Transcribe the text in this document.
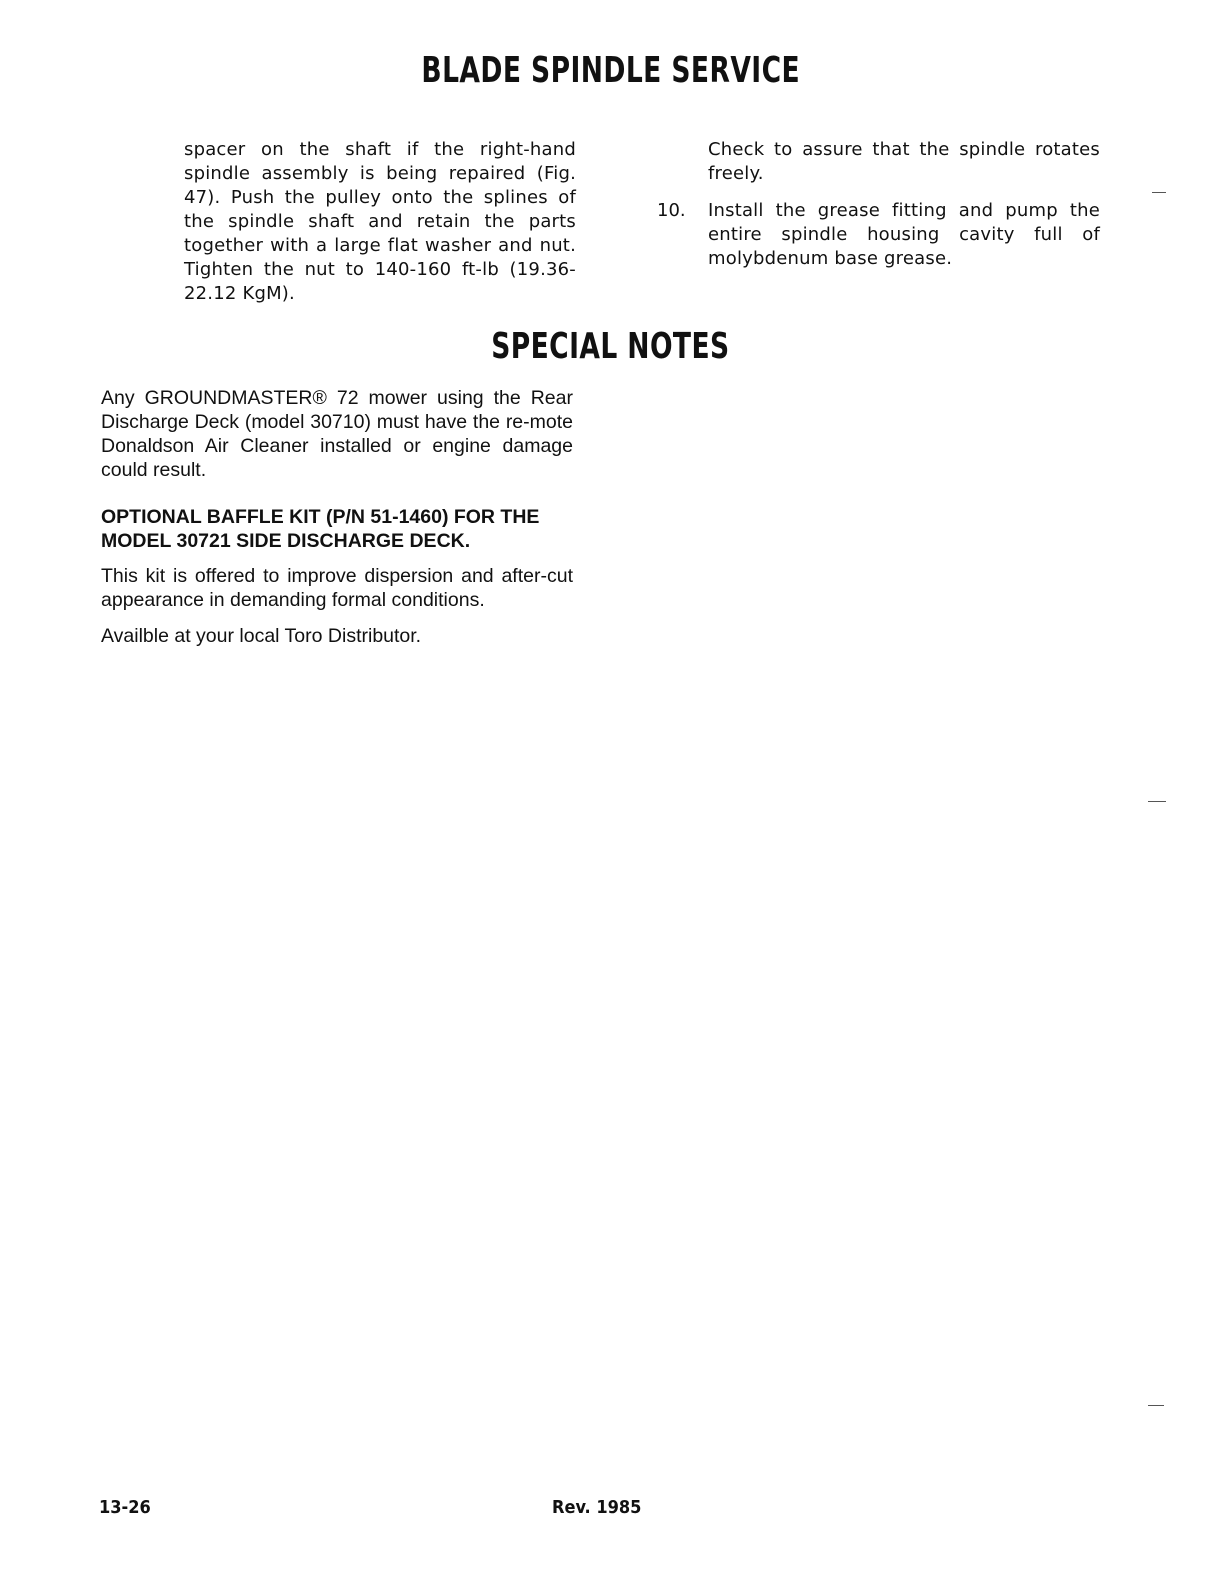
BLADE SPINDLE SERVICE

spacer on the shaft if the right-hand spindle assembly is being repaired (Fig. 47). Push the pulley onto the splines of the spindle shaft and retain the parts together with a large flat washer and nut. Tighten the nut to 140-160 ft-lb (19.36-22.12 KgM).

Check to assure that the spindle rotates freely.

10. Install the grease fitting and pump the entire spindle housing cavity full of molybdenum base grease.

SPECIAL NOTES

Any GROUNDMASTER® 72 mower using the Rear Discharge Deck (model 30710) must have the re-mote Donaldson Air Cleaner installed or engine damage could result.

OPTIONAL BAFFLE KIT (P/N 51-1460) FOR THE MODEL 30721 SIDE DISCHARGE DECK.

This kit is offered to improve dispersion and after-cut appearance in demanding formal conditions.

Availble at your local Toro Distributor.

13-26	Rev. 1985
